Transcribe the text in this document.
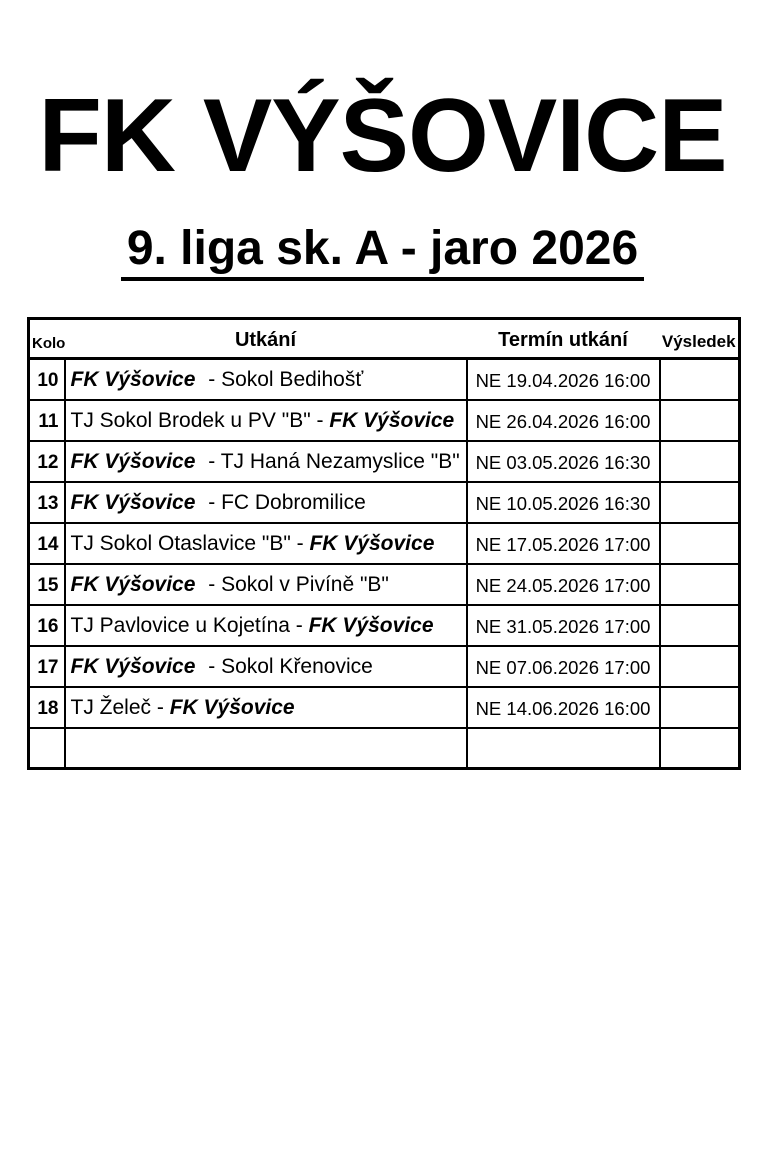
FK VÝŠOVICE
9. liga sk. A - jaro 2026
Kolo	Utkání	Termín utkání	Výsledek
10	FK Výšovice - Sokol Bedihošť	NE 19.04.2026 16:00	
11	TJ Sokol Brodek u PV "B" - FK Výšovice	NE 26.04.2026 16:00	
12	FK Výšovice - TJ Haná Nezamyslice "B"	NE 03.05.2026 16:30	
13	FK Výšovice - FC Dobromilice	NE 10.05.2026 16:30	
14	TJ Sokol Otaslavice "B" - FK Výšovice	NE 17.05.2026 17:00	
15	FK Výšovice - Sokol v Pivíně "B"	NE 24.05.2026 17:00	
16	TJ Pavlovice u Kojetína - FK Výšovice	NE 31.05.2026 17:00	
17	FK Výšovice - Sokol Křenovice	NE 07.06.2026 17:00	
18	TJ Želeč - FK Výšovice	NE 14.06.2026 16:00	
